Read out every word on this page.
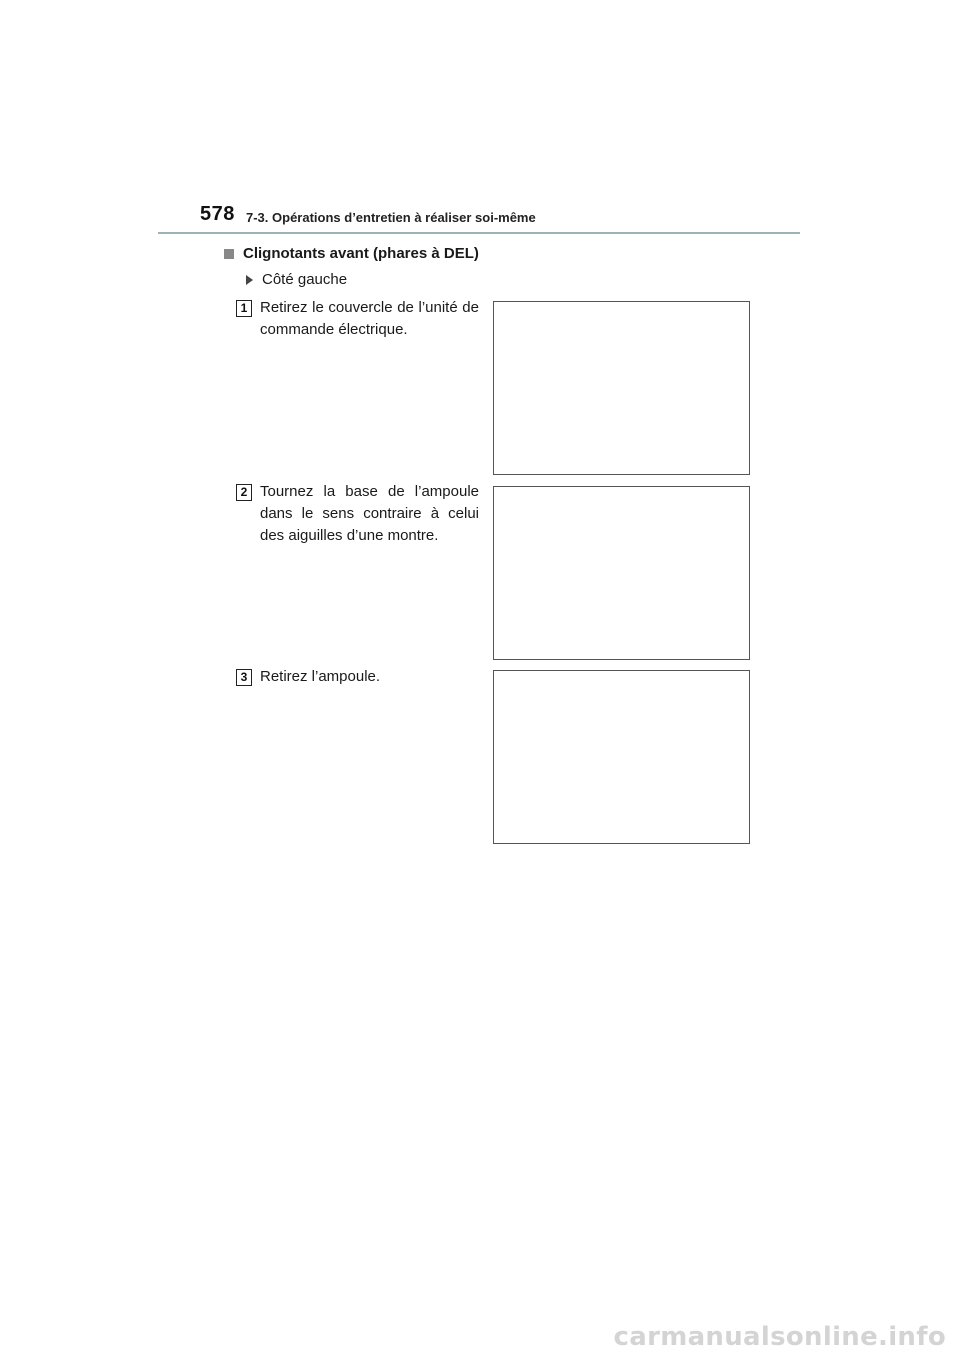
578 7-3. Opérations d’entretien à réaliser soi-même
Clignotants avant (phares à DEL)
Côté gauche
1 Retirez le couvercle de l’unité de commande électrique.
2 Tournez la base de l’ampoule dans le sens contraire à celui des aiguilles d’une montre.
3 Retirez l’ampoule.
carmanualsonline.info
